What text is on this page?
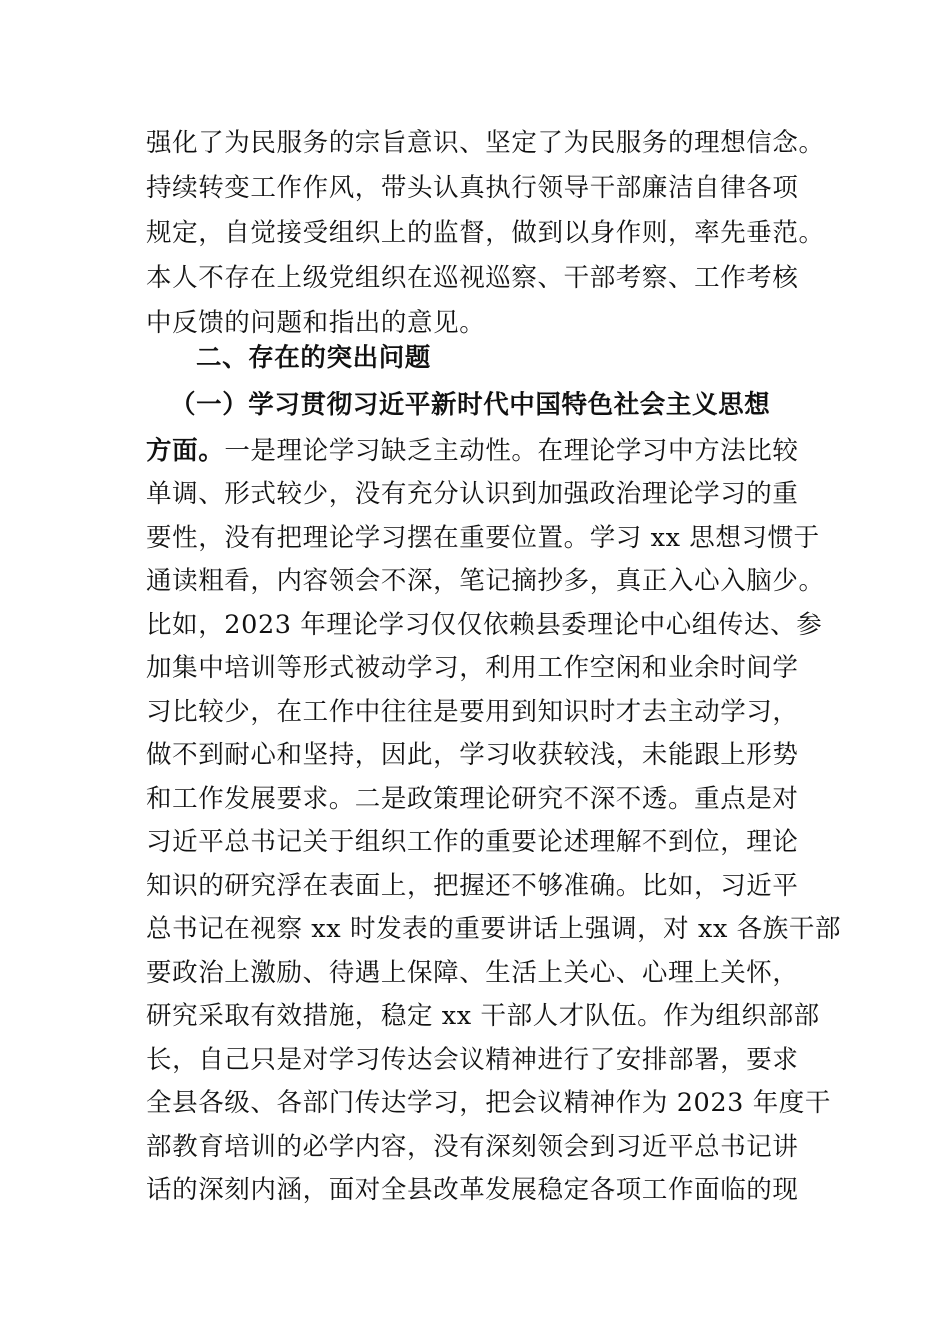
强化了为民服务的宗旨意识、坚定了为民服务的理想信念。
持续转变工作作风，带头认真执行领导干部廉洁自律各项
规定，自觉接受组织上的监督，做到以身作则，率先垂范。
本人不存在上级党组织在巡视巡察、干部考察、工作考核
中反馈的问题和指出的意见。
二、存在的突出问题
（一）学习贯彻习近平新时代中国特色社会主义思想
方面。一是理论学习缺乏主动性。在理论学习中方法比较
单调、形式较少，没有充分认识到加强政治理论学习的重
要性，没有把理论学习摆在重要位置。学习 xx 思想习惯于
通读粗看，内容领会不深，笔记摘抄多，真正入心入脑少。
比如，2023 年理论学习仅仅依赖县委理论中心组传达、参
加集中培训等形式被动学习，利用工作空闲和业余时间学
习比较少，在工作中往往是要用到知识时才去主动学习，
做不到耐心和坚持，因此，学习收获较浅，未能跟上形势
和工作发展要求。二是政策理论研究不深不透。重点是对
习近平总书记关于组织工作的重要论述理解不到位，理论
知识的研究浮在表面上，把握还不够准确。比如，习近平
总书记在视察 xx 时发表的重要讲话上强调，对 xx 各族干部
要政治上激励、待遇上保障、生活上关心、心理上关怀，
研究采取有效措施，稳定 xx 干部人才队伍。作为组织部部
长，自己只是对学习传达会议精神进行了安排部署，要求
全县各级、各部门传达学习，把会议精神作为 2023 年度干
部教育培训的必学内容，没有深刻领会到习近平总书记讲
话的深刻内涵，面对全县改革发展稳定各项工作面临的现
